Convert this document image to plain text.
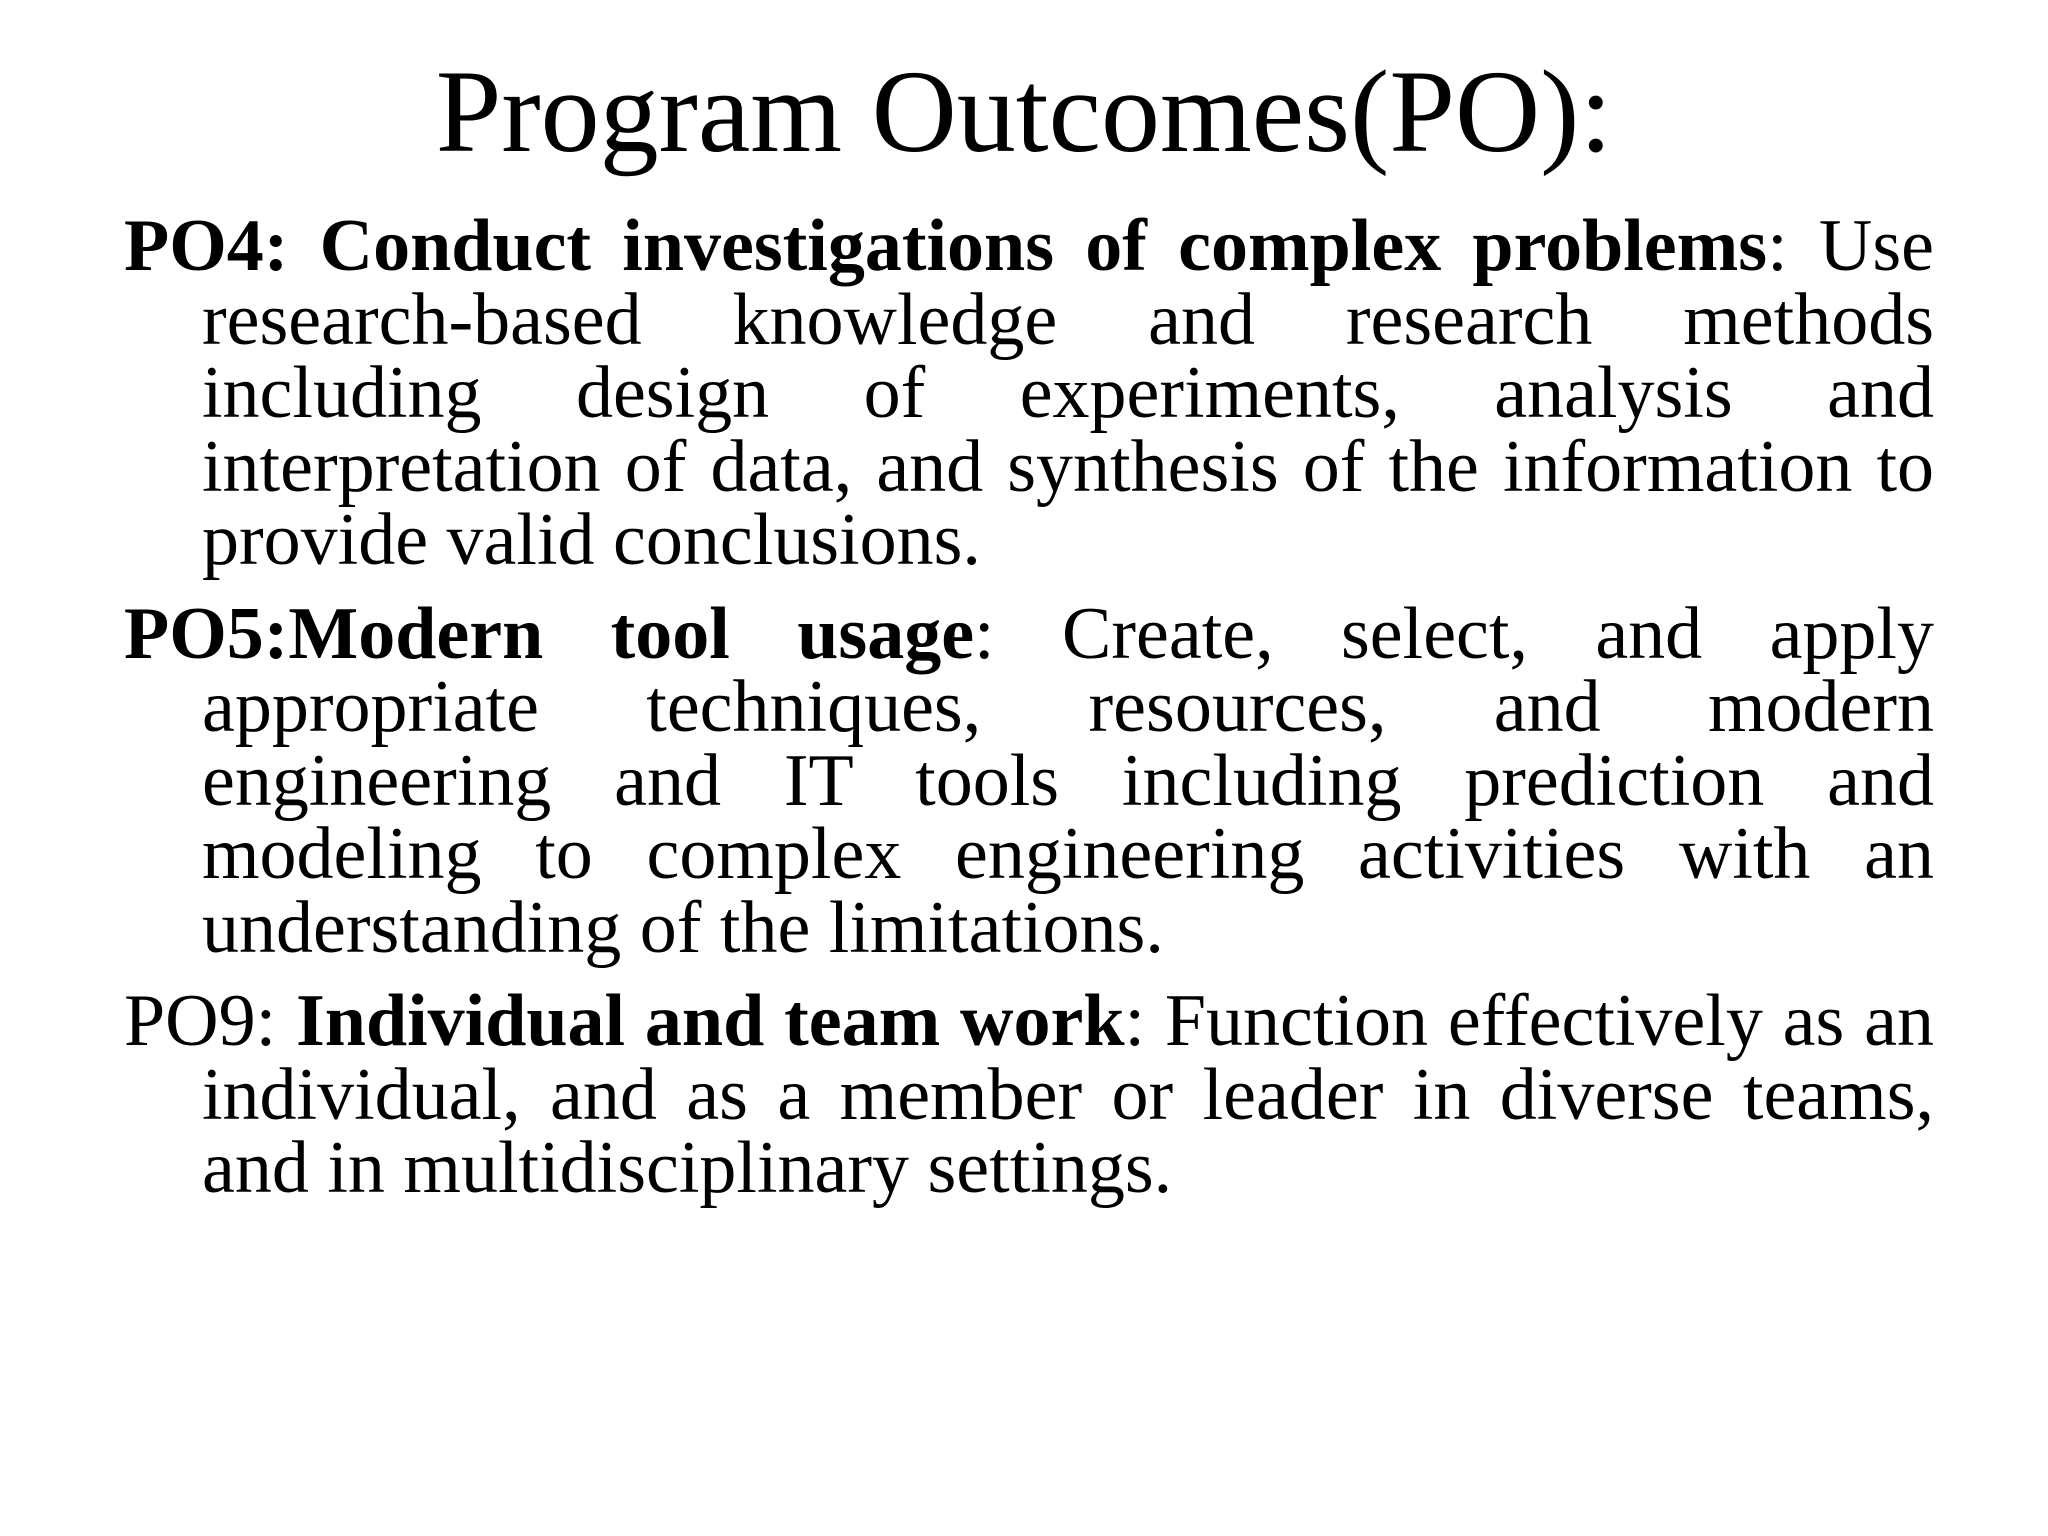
Program Outcomes(PO):

PO4: Conduct investigations of complex problems: Use research-based knowledge and research methods including design of experiments, analysis and interpretation of data, and synthesis of the information to provide valid conclusions.

PO5:Modern tool usage: Create, select, and apply appropriate techniques, resources, and modern engineering and IT tools including prediction and modeling to complex engineering activities with an understanding of the limitations.

PO9: Individual and team work: Function effectively as an individual, and as a member or leader in diverse teams, and in multidisciplinary settings.
